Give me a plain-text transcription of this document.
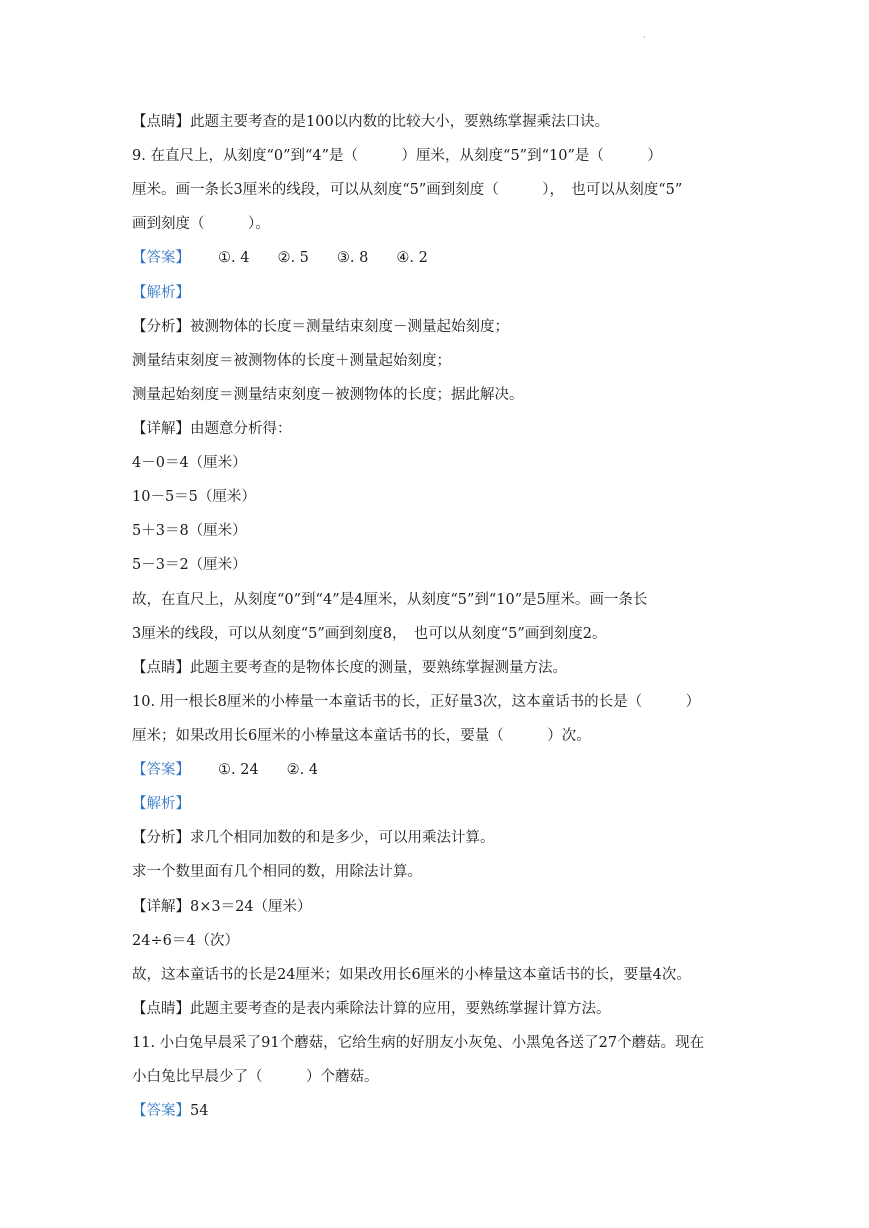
·
【点睛】此题主要考查的是100以内数的比较大小，要熟练掌握乘法口诀。
9. 在直尺上，从刻度“0”到“4”是（　　　）厘米，从刻度“5”到“10”是（　　　）
厘米。画一条长3厘米的线段，可以从刻度“5”画到刻度（　　　），　也可以从刻度“5”
画到刻度（　　　）。
【答案】 ①. 4 ②. 5 ③. 8 ④. 2
【解析】
【分析】被测物体的长度＝测量结束刻度－测量起始刻度；
测量结束刻度＝被测物体的长度＋测量起始刻度；
测量起始刻度＝测量结束刻度－被测物体的长度；据此解决。
【详解】由题意分析得：
4－0＝4（厘米）
10－5＝5（厘米）
5＋3＝8（厘米）
5－3＝2（厘米）
故，在直尺上，从刻度“0”到“4”是4厘米，从刻度“5”到“10”是5厘米。画一条长
3厘米的线段，可以从刻度“5”画到刻度8，　也可以从刻度“5”画到刻度2。
【点睛】此题主要考查的是物体长度的测量，要熟练掌握测量方法。
10. 用一根长8厘米的小棒量一本童话书的长，正好量3次，这本童话书的长是（　　　）
厘米；如果改用长6厘米的小棒量这本童话书的长，要量（　　　）次。
【答案】 ①. 24 ②. 4
【解析】
【分析】求几个相同加数的和是多少，可以用乘法计算。
求一个数里面有几个相同的数，用除法计算。
【详解】8×3＝24（厘米）
24÷6＝4（次）
故，这本童话书的长是24厘米；如果改用长6厘米的小棒量这本童话书的长，要量4次。
【点睛】此题主要考查的是表内乘除法计算的应用，要熟练掌握计算方法。
11. 小白兔早晨采了91个蘑菇，它给生病的好朋友小灰兔、小黑兔各送了27个蘑菇。现在
小白兔比早晨少了（　　　）个蘑菇。
【答案】54
